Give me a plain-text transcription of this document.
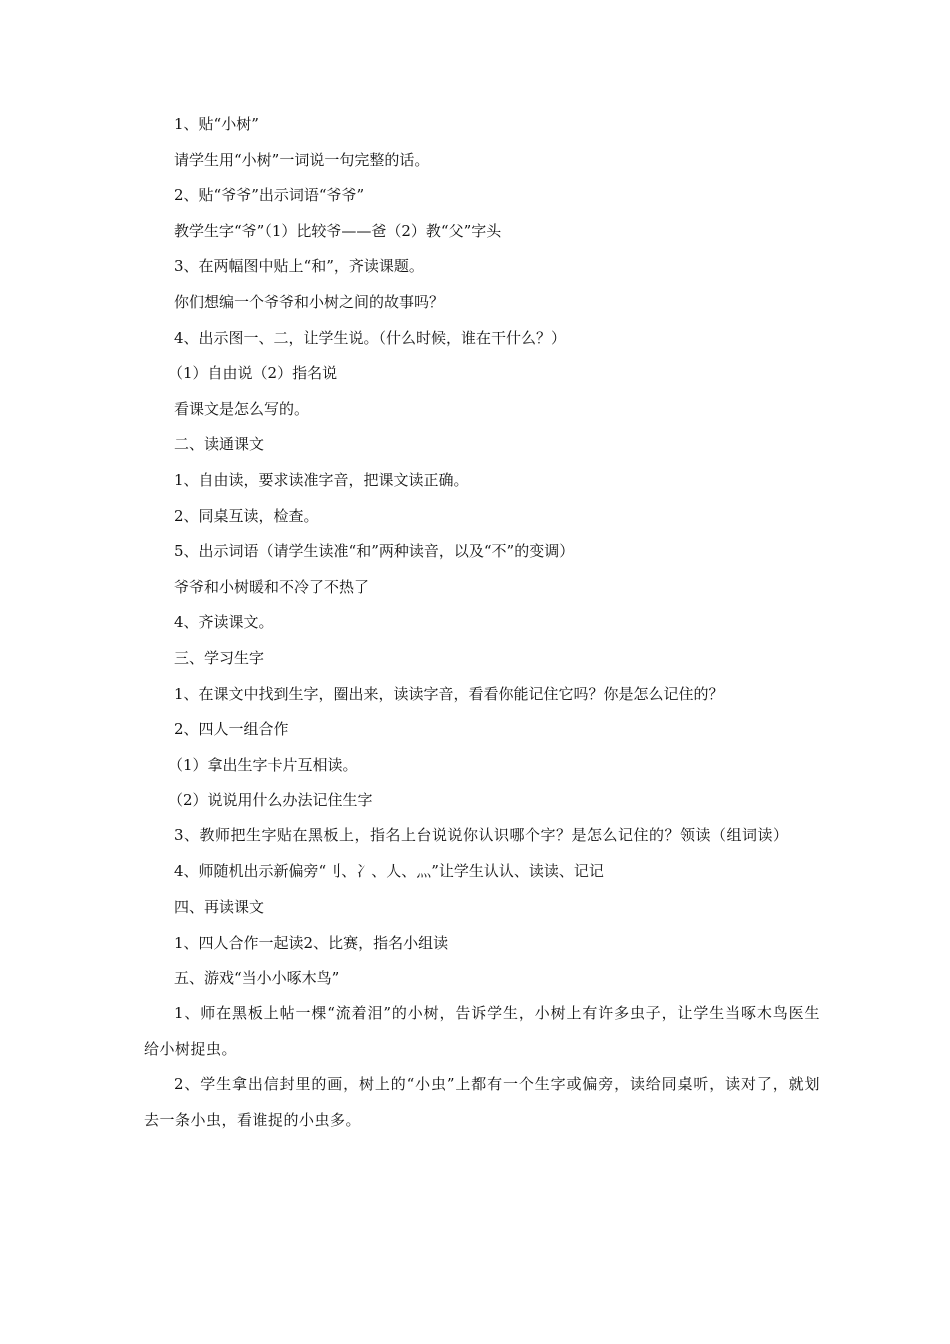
1、贴“小树”
请学生用“小树”一词说一句完整的话。
2、贴“爷爷”出示词语“爷爷”
教学生字“爷”（1）比较爷——爸（2）教“父”字头
3、在两幅图中贴上“和”，齐读课题。
你们想编一个爷爷和小树之间的故事吗？
4、出示图一、二，让学生说。（什么时候，谁在干什么？）
（1）自由说（2）指名说
看课文是怎么写的。
二、读通课文
1、自由读，要求读准字音，把课文读正确。
2、同桌互读，检查。
5、出示词语（请学生读准“和”两种读音，以及“不”的变调）
爷爷和小树暖和不冷了不热了
4、齐读课文。
三、学习生字
1、在课文中找到生字，圈出来，读读字音，看看你能记住它吗？你是怎么记住的？
2、四人一组合作
（1）拿出生字卡片互相读。
（2）说说用什么办法记住生字
3、教师把生字贴在黑板上，指名上台说说你认识哪个字？是怎么记住的？领读（组词读）
4、师随机出示新偏旁“刂、冫、人、灬”让学生认认、读读、记记
四、再读课文
1、四人合作一起读2、比赛，指名小组读
五、游戏“当小小啄木鸟”
1、师在黑板上帖一棵“流着泪”的小树，告诉学生，小树上有许多虫子，让学生当啄木鸟医生给小树捉虫。
2、学生拿出信封里的画，树上的“小虫”上都有一个生字或偏旁，读给同桌听，读对了，就划去一条小虫，看谁捉的小虫多。
